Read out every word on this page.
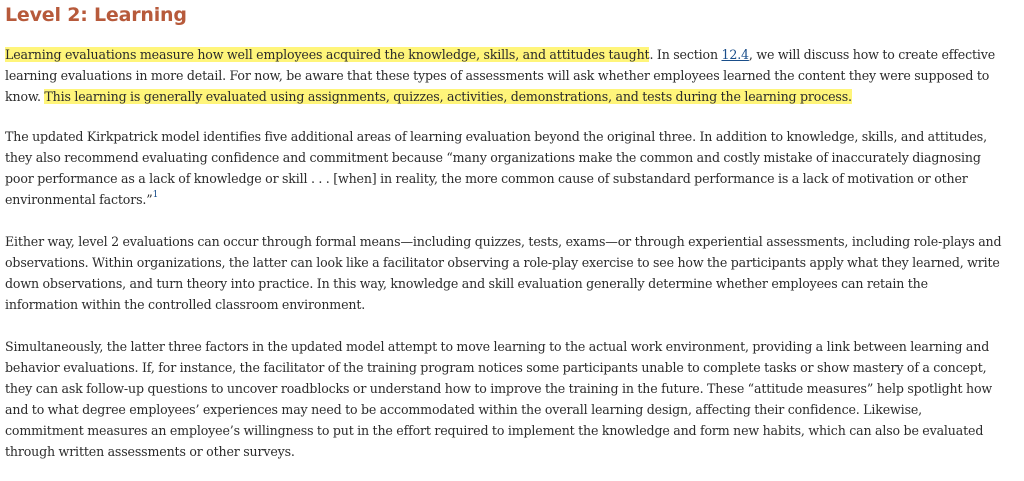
Level 2: Learning

Learning evaluations measure how well employees acquired the knowledge, skills, and attitudes taught. In section 12.4, we will discuss how to create effective learning evaluations in more detail. For now, be aware that these types of assessments will ask whether employees learned the content they were supposed to know. This learning is generally evaluated using assignments, quizzes, activities, demonstrations, and tests during the learning process.

The updated Kirkpatrick model identifies five additional areas of learning evaluation beyond the original three. In addition to knowledge, skills, and attitudes, they also recommend evaluating confidence and commitment because “many organizations make the common and costly mistake of inaccurately diagnosing poor performance as a lack of knowledge or skill . . . [when] in reality, the more common cause of substandard performance is a lack of motivation or other environmental factors.”$^1$

Either way, level 2 evaluations can occur through formal means—including quizzes, tests, exams—or through experiential assessments, including role-plays and observations. Within organizations, the latter can look like a facilitator observing a role-play exercise to see how the participants apply what they learned, write down observations, and turn theory into practice. In this way, knowledge and skill evaluation generally determine whether employees can retain the information within the controlled classroom environment.

Simultaneously, the latter three factors in the updated model attempt to move learning to the actual work environment, providing a link between learning and behavior evaluations. If, for instance, the facilitator of the training program notices some participants unable to complete tasks or show mastery of a concept, they can ask follow-up questions to uncover roadblocks or understand how to improve the training in the future. These “attitude measures” help spotlight how and to what degree employees’ experiences may need to be accommodated within the overall learning design, affecting their confidence. Likewise, commitment measures an employee’s willingness to put in the effort required to implement the knowledge and form new habits, which can also be evaluated through written assessments or other surveys.
